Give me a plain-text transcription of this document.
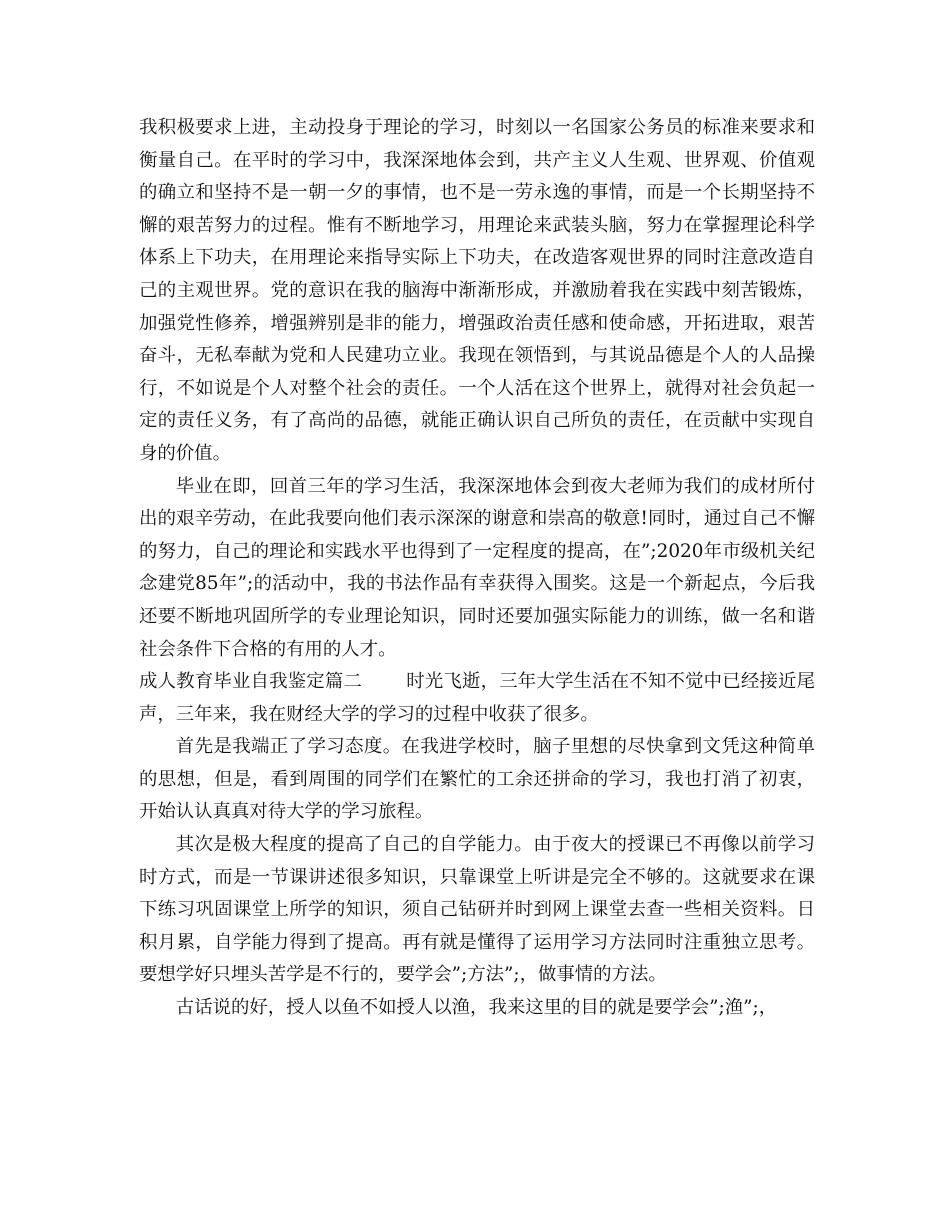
我积极要求上进，主动投身于理论的学习，时刻以一名国家公务员的标准来要求和衡量自己。在平时的学习中，我深深地体会到，共产主义人生观、世界观、价值观的确立和坚持不是一朝一夕的事情，也不是一劳永逸的事情，而是一个长期坚持不懈的艰苦努力的过程。惟有不断地学习，用理论来武装头脑，努力在掌握理论科学体系上下功夫，在用理论来指导实际上下功夫，在改造客观世界的同时注意改造自己的主观世界。党的意识在我的脑海中渐渐形成，并激励着我在实践中刻苦锻炼，加强党性修养，增强辨别是非的能力，增强政治责任感和使命感，开拓进取，艰苦奋斗，无私奉献为党和人民建功立业。我现在领悟到，与其说品德是个人的人品操行，不如说是个人对整个社会的责任。一个人活在这个世界上，就得对社会负起一定的责任义务，有了高尚的品德，就能正确认识自己所负的责任，在贡献中实现自身的价值。

毕业在即，回首三年的学习生活，我深深地体会到夜大老师为我们的成材所付出的艰辛劳动，在此我要向他们表示深深的谢意和崇高的敬意!同时，通过自己不懈的努力，自己的理论和实践水平也得到了一定程度的提高，在”;2020年市级机关纪念建党85年”;的活动中，我的书法作品有幸获得入围奖。这是一个新起点，今后我还要不断地巩固所学的专业理论知识，同时还要加强实际能力的训练，做一名和谐社会条件下合格的有用的人才。

成人教育毕业自我鉴定篇二 时光飞逝，三年大学生活在不知不觉中已经接近尾声，三年来，我在财经大学的学习的过程中收获了很多。

首先是我端正了学习态度。在我进学校时，脑子里想的尽快拿到文凭这种简单的思想，但是，看到周围的同学们在繁忙的工余还拼命的学习，我也打消了初衷，开始认认真真对待大学的学习旅程。

其次是极大程度的提高了自己的自学能力。由于夜大的授课已不再像以前学习时方式，而是一节课讲述很多知识，只靠课堂上听讲是完全不够的。这就要求在课下练习巩固课堂上所学的知识，须自己钻研并时到网上课堂去查一些相关资料。日积月累，自学能力得到了提高。再有就是懂得了运用学习方法同时注重独立思考。要想学好只埋头苦学是不行的，要学会”;方法”;，做事情的方法。

古话说的好，授人以鱼不如授人以渔，我来这里的目的就是要学会”;渔”;，
